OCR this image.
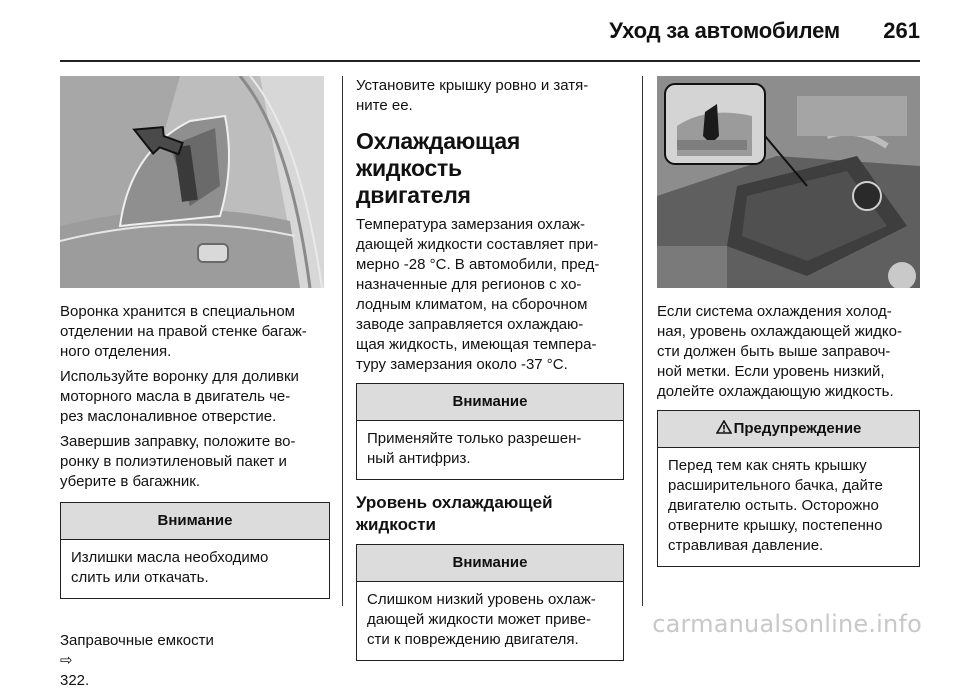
Уход за автомобилем	261

Воронка хранится в специальном
отделении на правой стенке багаж-
ного отделения.

Используйте воронку для доливки
моторного масла в двигатель че-
рез маслоналивное отверстие.

Завершив заправку, положите во-
ронку в полиэтиленовый пакет и
уберите в багажник.

Внимание
Излишки масла необходимо
слить или откачать.

Заправочные емкости
⇨
322.

Установите крышку ровно и затя-
ните ее.

Охлаждающая жидкость
двигателя

Температура замерзания охлаж-
дающей жидкости составляет при-
мерно -28 °C. В автомобили, пред-
назначенные для регионов с хо-
лодным климатом, на сборочном
заводе заправляется охлаждаю-
щая жидкость, имеющая темпера-
туру замерзания около -37 °C.

Внимание
Применяйте только разрешен-
ный антифриз.
Уровень охлаждающей
жидкости
Внимание
Слишком низкий уровень охлаж-
дающей жидкости может приве-
сти к повреждению двигателя.

Если система охлаждения холод-
ная, уровень охлаждающей жидко-
сти должен быть выше заправоч-
ной метки. Если уровень низкий,
долейте охлаждающую жидкость.

Предупреждение
Перед тем как снять крышку
расширительного бачка, дайте
двигателю остыть. Осторожно
отверните крышку, постепенно
стравливая давление.
carmanualsonline.info
